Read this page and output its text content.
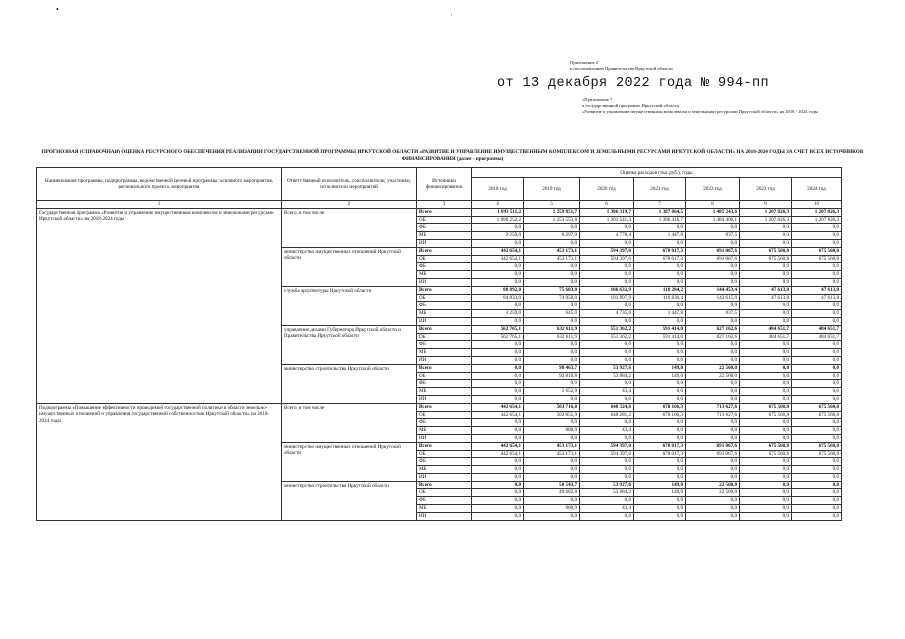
•
'
Приложение 2
к постановлению Правительства Иркутской области
от 13 декабря 2022 года № 994-пп
«Приложение 7
к государственной программе Иркутской области
«Развитие и управление имущественным комплексом и земельными ресурсами Иркутской области» на 2018 - 2024 годы
ПРОГНОЗНАЯ (СПРАВОЧНАЯ) ОЦЕНКА РЕСУРСНОГО ОБЕСПЕЧЕНИЯ РЕАЛИЗАЦИИ ГОСУДАРСТВЕННОЙ ПРОГРАММЫ ИРКУТСКОЙ ОБЛАСТИ «РАЗВИТИЕ И УПРАВЛЕНИЕ ИМУЩЕСТВЕННЫМ КОМПЛЕКСОМ И ЗЕМЕЛЬНЫМИ РЕСУРСАМИ ИРКУТСКОЙ ОБЛАСТИ» НА 2018-2024 ГОДЫ ЗА СЧЕТ ВСЕХ ИСТОЧНИКОВ ФИНАНСИРОВАНИЯ (далее - программа)
Наименование программы, подпрограммы, ведомственной целевой программы, основного мероприятия, регионального проекта, мероприятия	Ответственный исполнитель, соисполнители, участники, исполнители мероприятий	Источники финансирования	Оценка расходов (тыс.руб.), годы						
			2018 год	2019 год	2020 год	2021 год	2022 год	2023 год	2024 год
1	2	3	4	5	6	7	8	9	10
Государственная программа «Развитие и управление имущественным комплексом и земельными ресурсами Иркутской области» на 2018-2024 годы	Всего, в том числе	Всего	1 093 511,2	1 259 851,7	1 306 319,7	1 387 864,5	1 485 243,6	1 207 826,3	1 207 826,3
		ОБ	1 090 252,2	1 253 553,8	1 301 541,3	1 386 416,7	1 484 406,1	1 207 826,3	1 207 826,3
		ФБ	0,0	0,0	0,0	0,0	0,0	0,0	0,0
		МБ	3 259,0	6 297,9	4 778,4	1 447,8	837,5	0,0	0,0
		ИИ	0,0	0,0	0,0	0,0	0,0	0,0	0,0
	министерство имущественных отношений Иркутской области	Всего	442 654,1	453 173,1	594 397,0	678 017,3	691 067,6	675 560,8	675 560,8
		ОБ	442 654,1	453 173,1	594 397,0	678 017,3	691 067,6	675 560,8	675 560,8
		ФБ	0,0	0,0	0,0	0,0	0,0	0,0	0,0
		МБ	0,0	0,0	0,0	0,0	0,0	0,0	0,0
		ИИ	0,0	0,0	0,0	0,0	0,0	0,0	0,0
	служба архитектуры Иркутской области	Всего	88 092,0	75 603,0	106 632,9	118 284,2	144 453,4	47 613,8	47 613,8
		ОБ	84 833,0	74 958,0	101 897,9	116 836,4	143 615,9	47 613,8	47 613,8
		ФБ	0,0	0,0	0,0	0,0	0,0	0,0	0,0
		МБ	3 259,0	645,0	4 735,0	1 447,8	837,5	0,0	0,0
		ИИ	0,0	0,0	0,0	0,0	0,0	0,0	0,0
	управление делами Губернатора Иркутской области и Правительства Иркутской области	Всего	562 765,1	632 611,9	551 362,2	591 414,0	627 162,6	484 651,7	484 651,7
		ОБ	562 765,1	632 611,9	551 362,2	591 414,0	627 162,6	484 651,7	484 651,7
		ФБ	0,0	0,0	0,0	0,0	0,0	0,0	0,0
		МБ	0,0	0,0	0,0	0,0	0,0	0,0	0,0
		ИИ	0,0	0,0	0,0	0,0	0,0	0,0	0,0
	министерство строительства Иркутской области	Всего	0,0	98 463,7	53 927,6	149,0	22 560,0	0,0	0,0
		ОБ	0,0	92 810,8	53 884,2	149,0	22 560,0	0,0	0,0
		ФБ	0,0	0,0	0,0	0,0	0,0	0,0	0,0
		МБ	0,0	5 652,9	43,4	0,0	0,0	0,0	0,0
		ИИ	0,0	0,0	0,0	0,0	0,0	0,0	0,0
Подпрограмма «Повышение эффективности проводимой государственной политики в области земельно-имущественных отношений и управления государственной собственностью Иркутской области» на 2018-2024 годы	Всего, в том числе	Всего	442 654,1	503 716,8	648 324,6	678 166,3	713 627,6	675 560,8	675 560,8
		ОБ	442 654,1	502 855,9	648 281,2	678 166,3	713 627,6	675 560,8	675 560,8
		ФБ	0,0	0,0	0,0	0,0	0,0	0,0	0,0
		МБ	0,0	860,9	43,4	0,0	0,0	0,0	0,0
		ИИ	0,0	0,0	0,0	0,0	0,0	0,0	0,0
	министерство имущественных отношений Иркутской области	Всего	442 654,1	453 173,1	594 397,0	678 017,3	691 067,6	675 560,8	675 560,8
		ОБ	442 654,1	453 173,1	594 397,0	678 017,3	691 067,6	675 560,8	675 560,8
		ФБ	0,0	0,0	0,0	0,0	0,0	0,0	0,0
		МБ	0,0	0,0	0,0	0,0	0,0	0,0	0,0
		ИИ	0,0	0,0	0,0	0,0	0,0	0,0	0,0
	министерство строительства Иркутской области	Всего	0,0	50 543,7	53 927,6	149,0	22 560,0	0,0	0,0
		ОБ	0,0	49 682,8	53 884,2	149,0	22 560,0	0,0	0,0
		ФБ	0,0	0,0	0,0	0,0	0,0	0,0	0,0
		МБ	0,0	860,9	43,4	0,0	0,0	0,0	0,0
		ИИ	0,0	0,0	0,0	0,0	0,0	0,0	0,0
